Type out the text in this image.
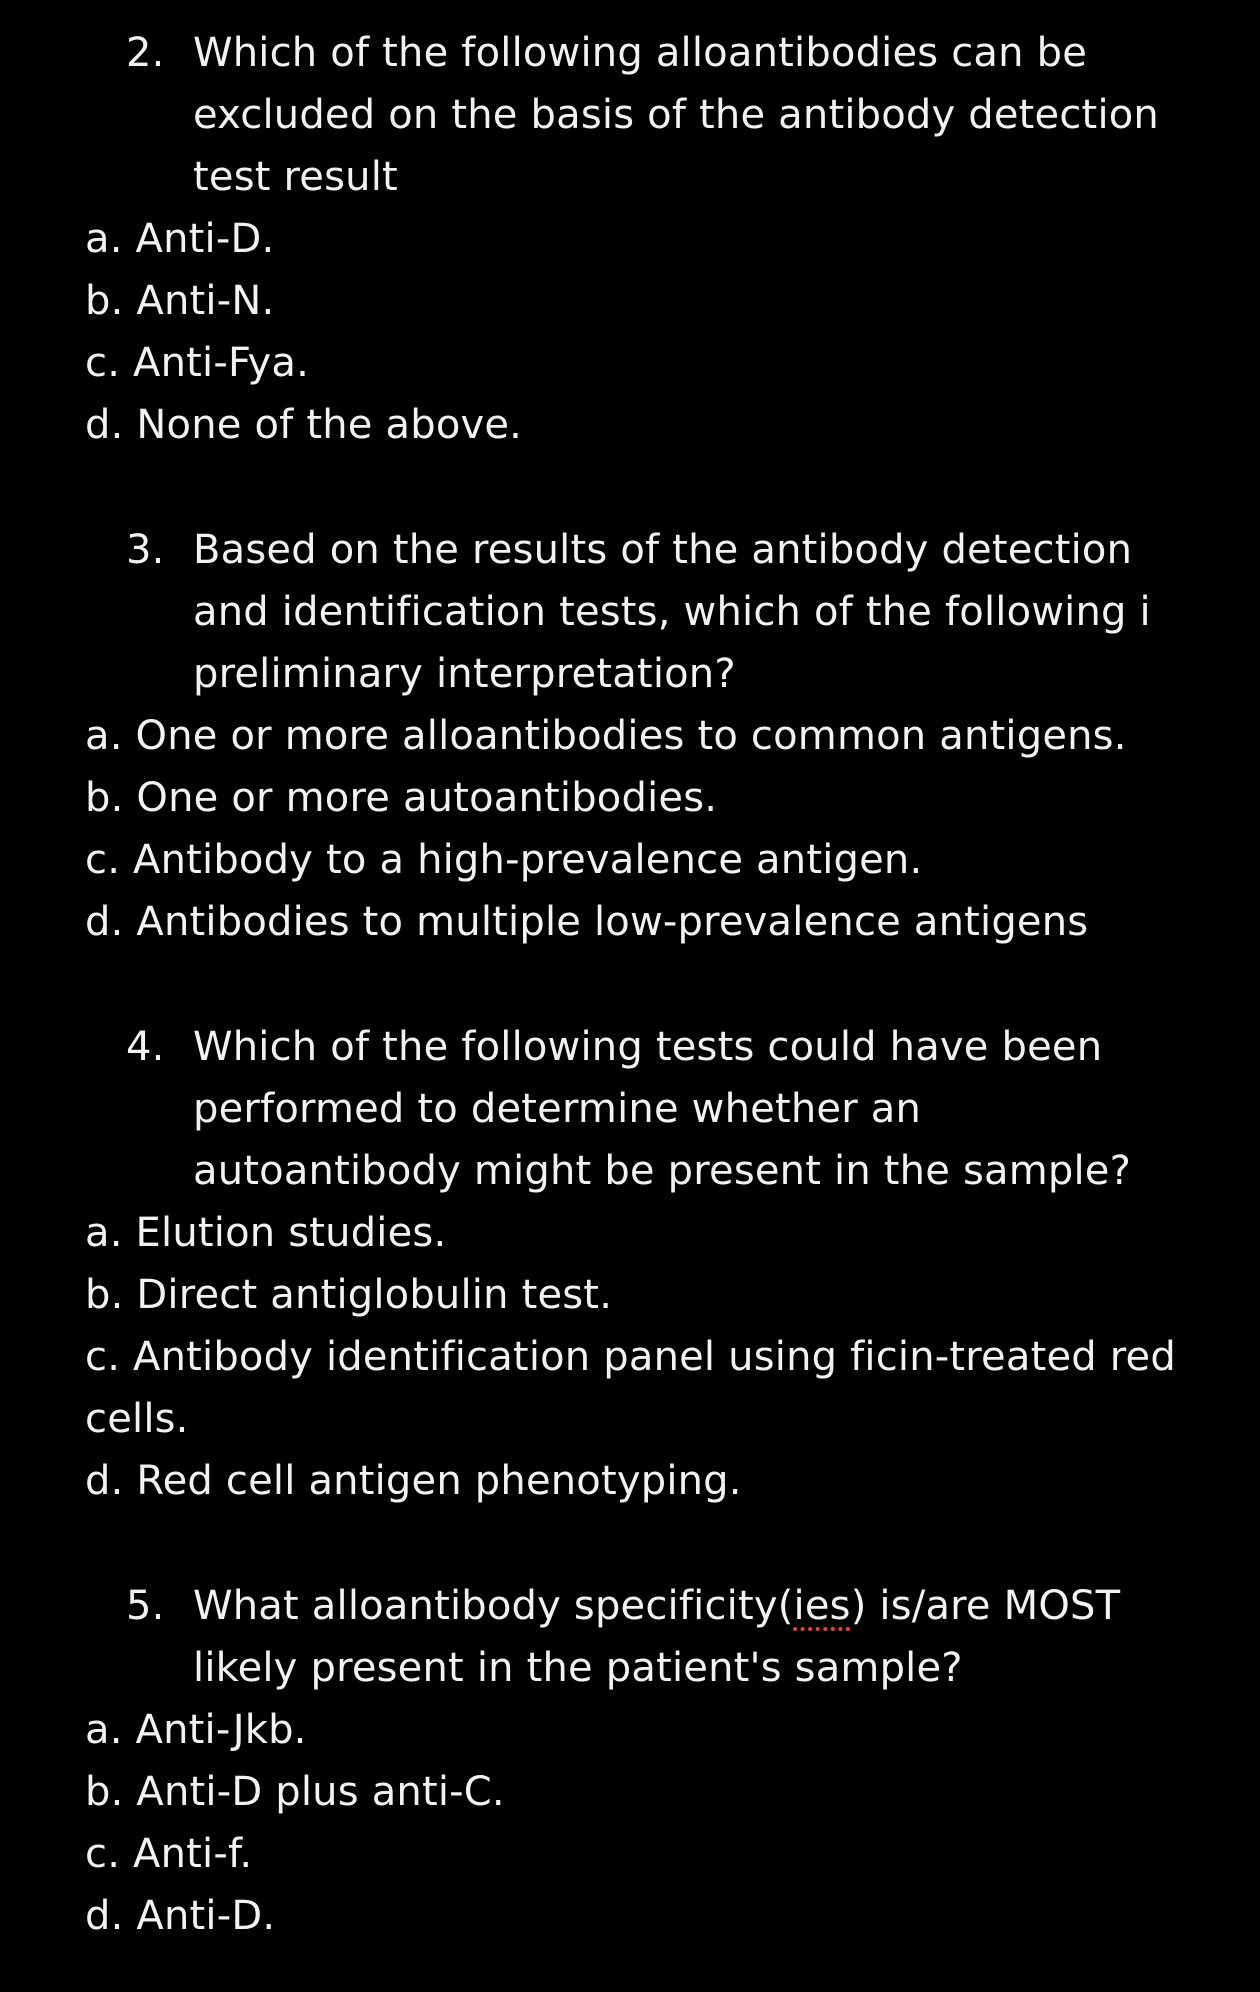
2. Which of the following alloantibodies can be excluded on the basis of the antibody detection test result
a. Anti-D.
b. Anti-N.
c. Anti-Fya.
d. None of the above.
3. Based on the results of the antibody detection and identification tests, which of the following i preliminary interpretation?
a. One or more alloantibodies to common antigens.
b. One or more autoantibodies.
c. Antibody to a high-prevalence antigen.
d. Antibodies to multiple low-prevalence antigens
4. Which of the following tests could have been performed to determine whether an autoantibody might be present in the sample?
a. Elution studies.
b. Direct antiglobulin test.
c. Antibody identification panel using ficin-treated red cells.
d. Red cell antigen phenotyping.
5. What alloantibody specificity(ies) is/are MOST likely present in the patient's sample?
a. Anti-Jkb.
b. Anti-D plus anti-C.
c. Anti-f.
d. Anti-D.
